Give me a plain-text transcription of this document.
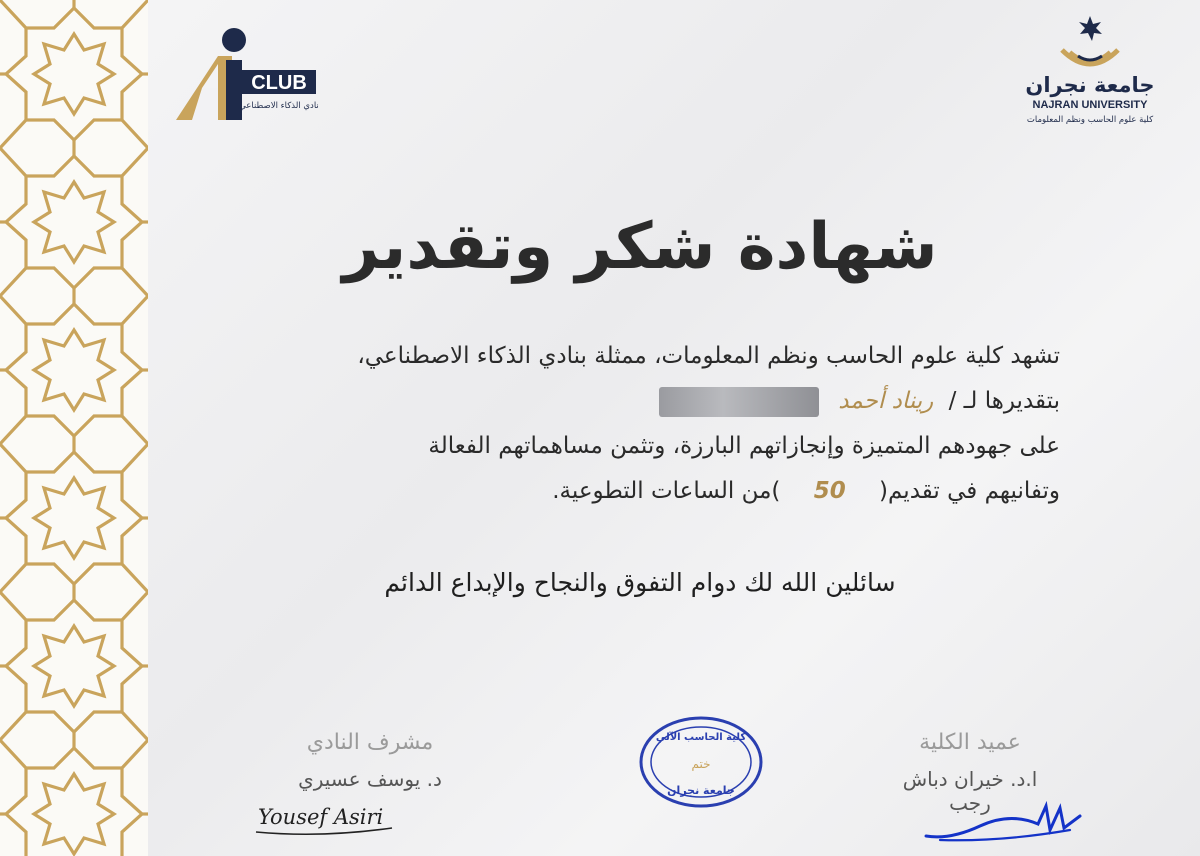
CLUB
نادي الذكاء الاصطناعي
جامعة نجران
NAJRAN UNIVERSITY
كلية علوم الحاسب ونظم المعلومات
شهادة شكر وتقدير
تشهد كلية علوم الحاسب ونظم المعلومات، ممثلة بنادي الذكاء الاصطناعي،
بتقديرها لـ / ريناد أحمد
على جهودهم المتميزة وإنجازاتهم البارزة، وتثمن مساهماتهم الفعالة
وتفانيهم في تقديم( 50 )من الساعات التطوعية.
سائلين الله لك دوام التفوق والنجاح والإبداع الدائم
عميد الكلية
ا.د. خيران دباش رجب
مشرف النادي
د. يوسف عسيري
Yousef Asiri
كلية الحاسب الآلي
ختم
جامعة نجران
